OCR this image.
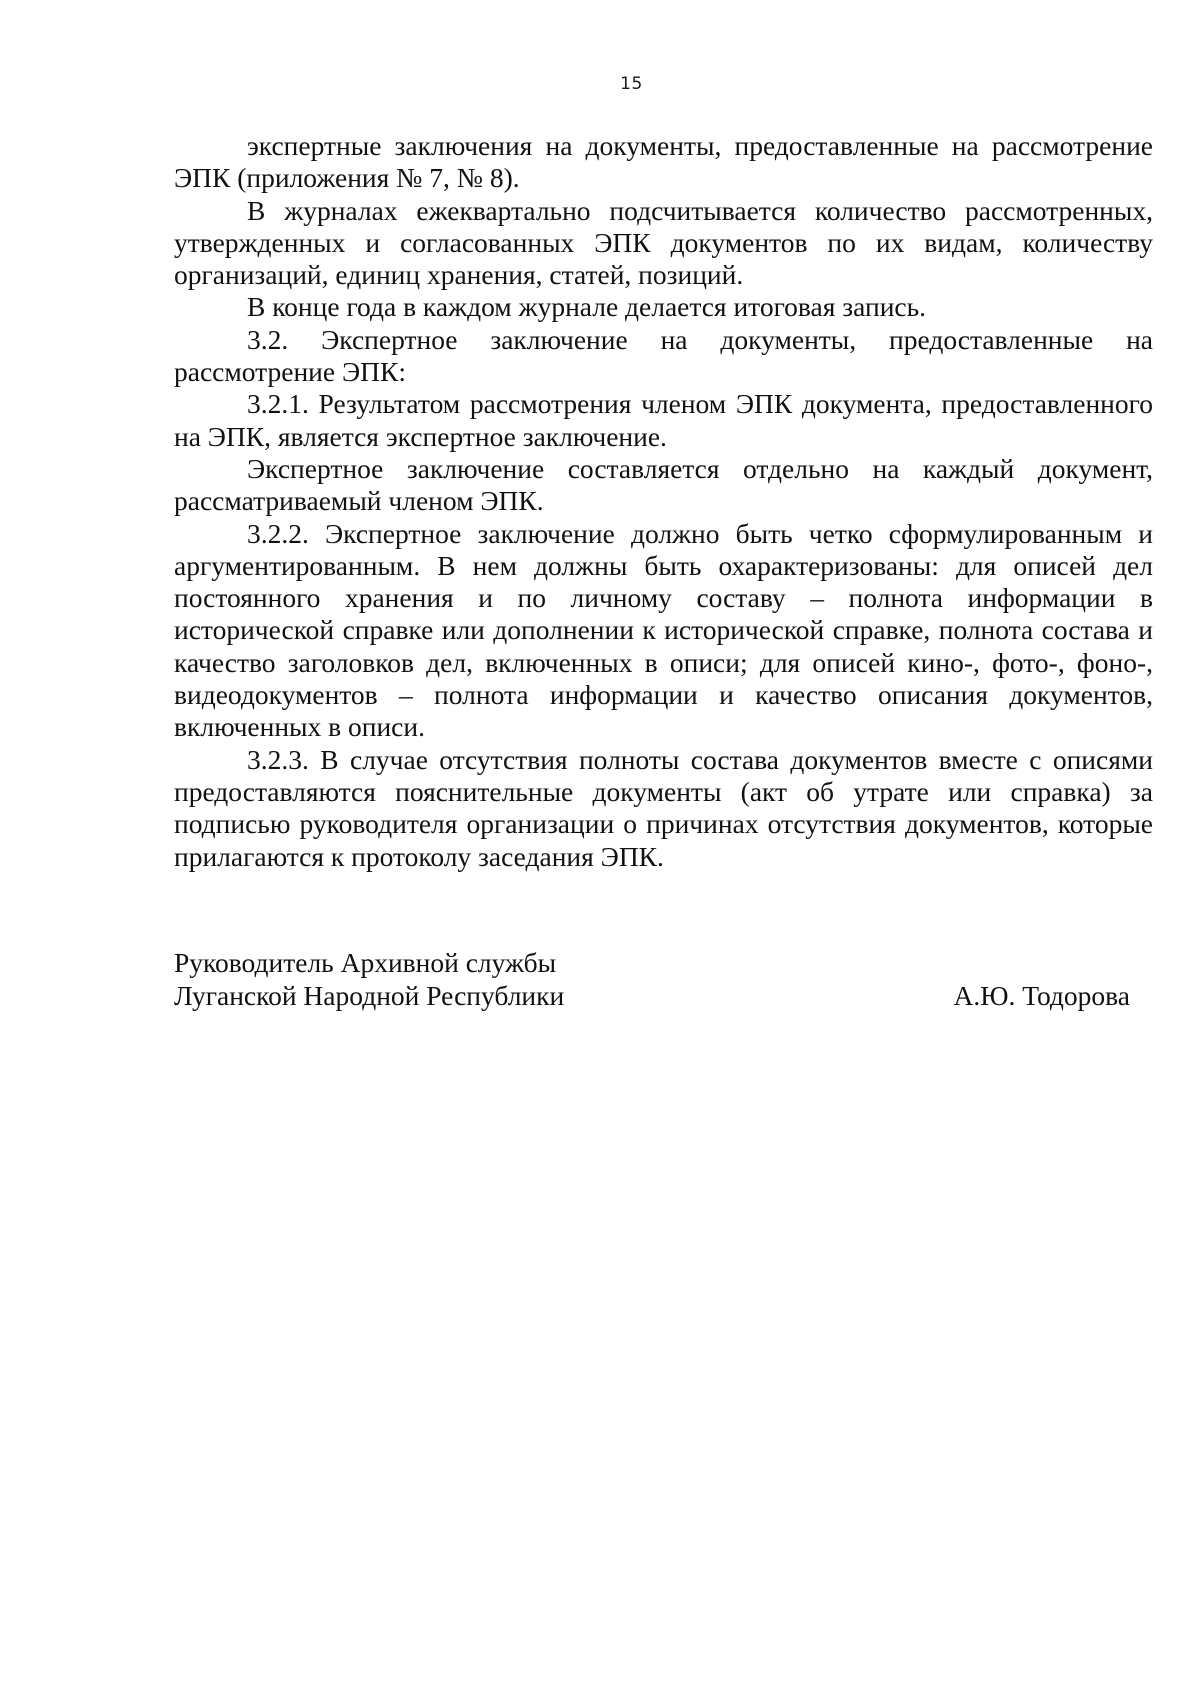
15

экспертные заключения на документы, предоставленные на рассмотрение ЭПК (приложения № 7, № 8).

В журналах ежеквартально подсчитывается количество рассмотренных, утвержденных и согласованных ЭПК документов по их видам, количеству организаций, единиц хранения, статей, позиций.

В конце года в каждом журнале делается итоговая запись.

3.2. Экспертное заключение на документы, предоставленные на рассмотрение ЭПК:

3.2.1. Результатом рассмотрения членом ЭПК документа, предоставленного на ЭПК, является экспертное заключение.

Экспертное заключение составляется отдельно на каждый документ, рассматриваемый членом ЭПК.

3.2.2. Экспертное заключение должно быть четко сформулированным и аргументированным. В нем должны быть охарактеризованы: для описей дел постоянного хранения и по личному составу – полнота информации в исторической справке или дополнении к исторической справке, полнота состава и качество заголовков дел, включенных в описи; для описей кино-, фото-, фоно-, видеодокументов – полнота информации и качество описания документов, включенных в описи.

3.2.3. В случае отсутствия полноты состава документов вместе с описями предоставляются пояснительные документы (акт об утрате или справка) за подписью руководителя организации о причинах отсутствия документов, которые прилагаются к протоколу заседания ЭПК.

Руководитель Архивной службы
Луганской Народной Республики	А.Ю. Тодорова
